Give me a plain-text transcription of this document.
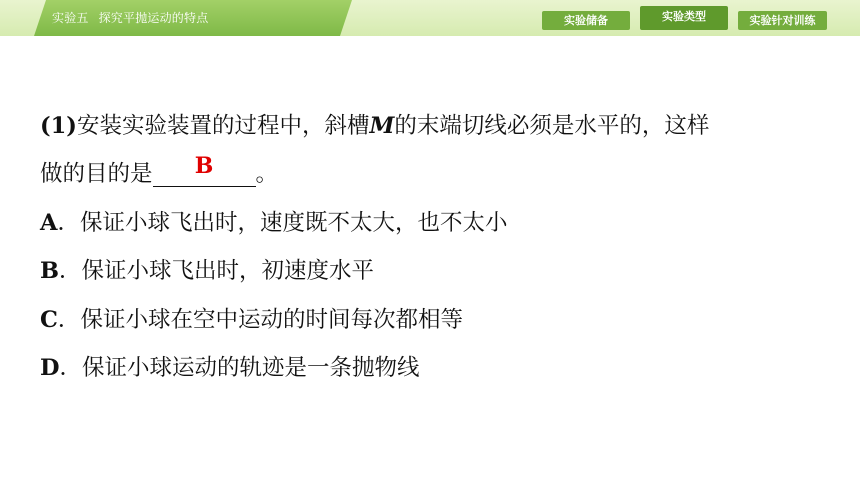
实验五 探究平抛运动的特点	实验储备	实验类型	实验针对训练
(1)安装实验装置的过程中，斜槽M的末端切线必须是水平的，这样
做的目的是	B	。
A．保证小球飞出时，速度既不太大，也不太小
B．保证小球飞出时，初速度水平
C．保证小球在空中运动的时间每次都相等
D．保证小球运动的轨迹是一条抛物线
